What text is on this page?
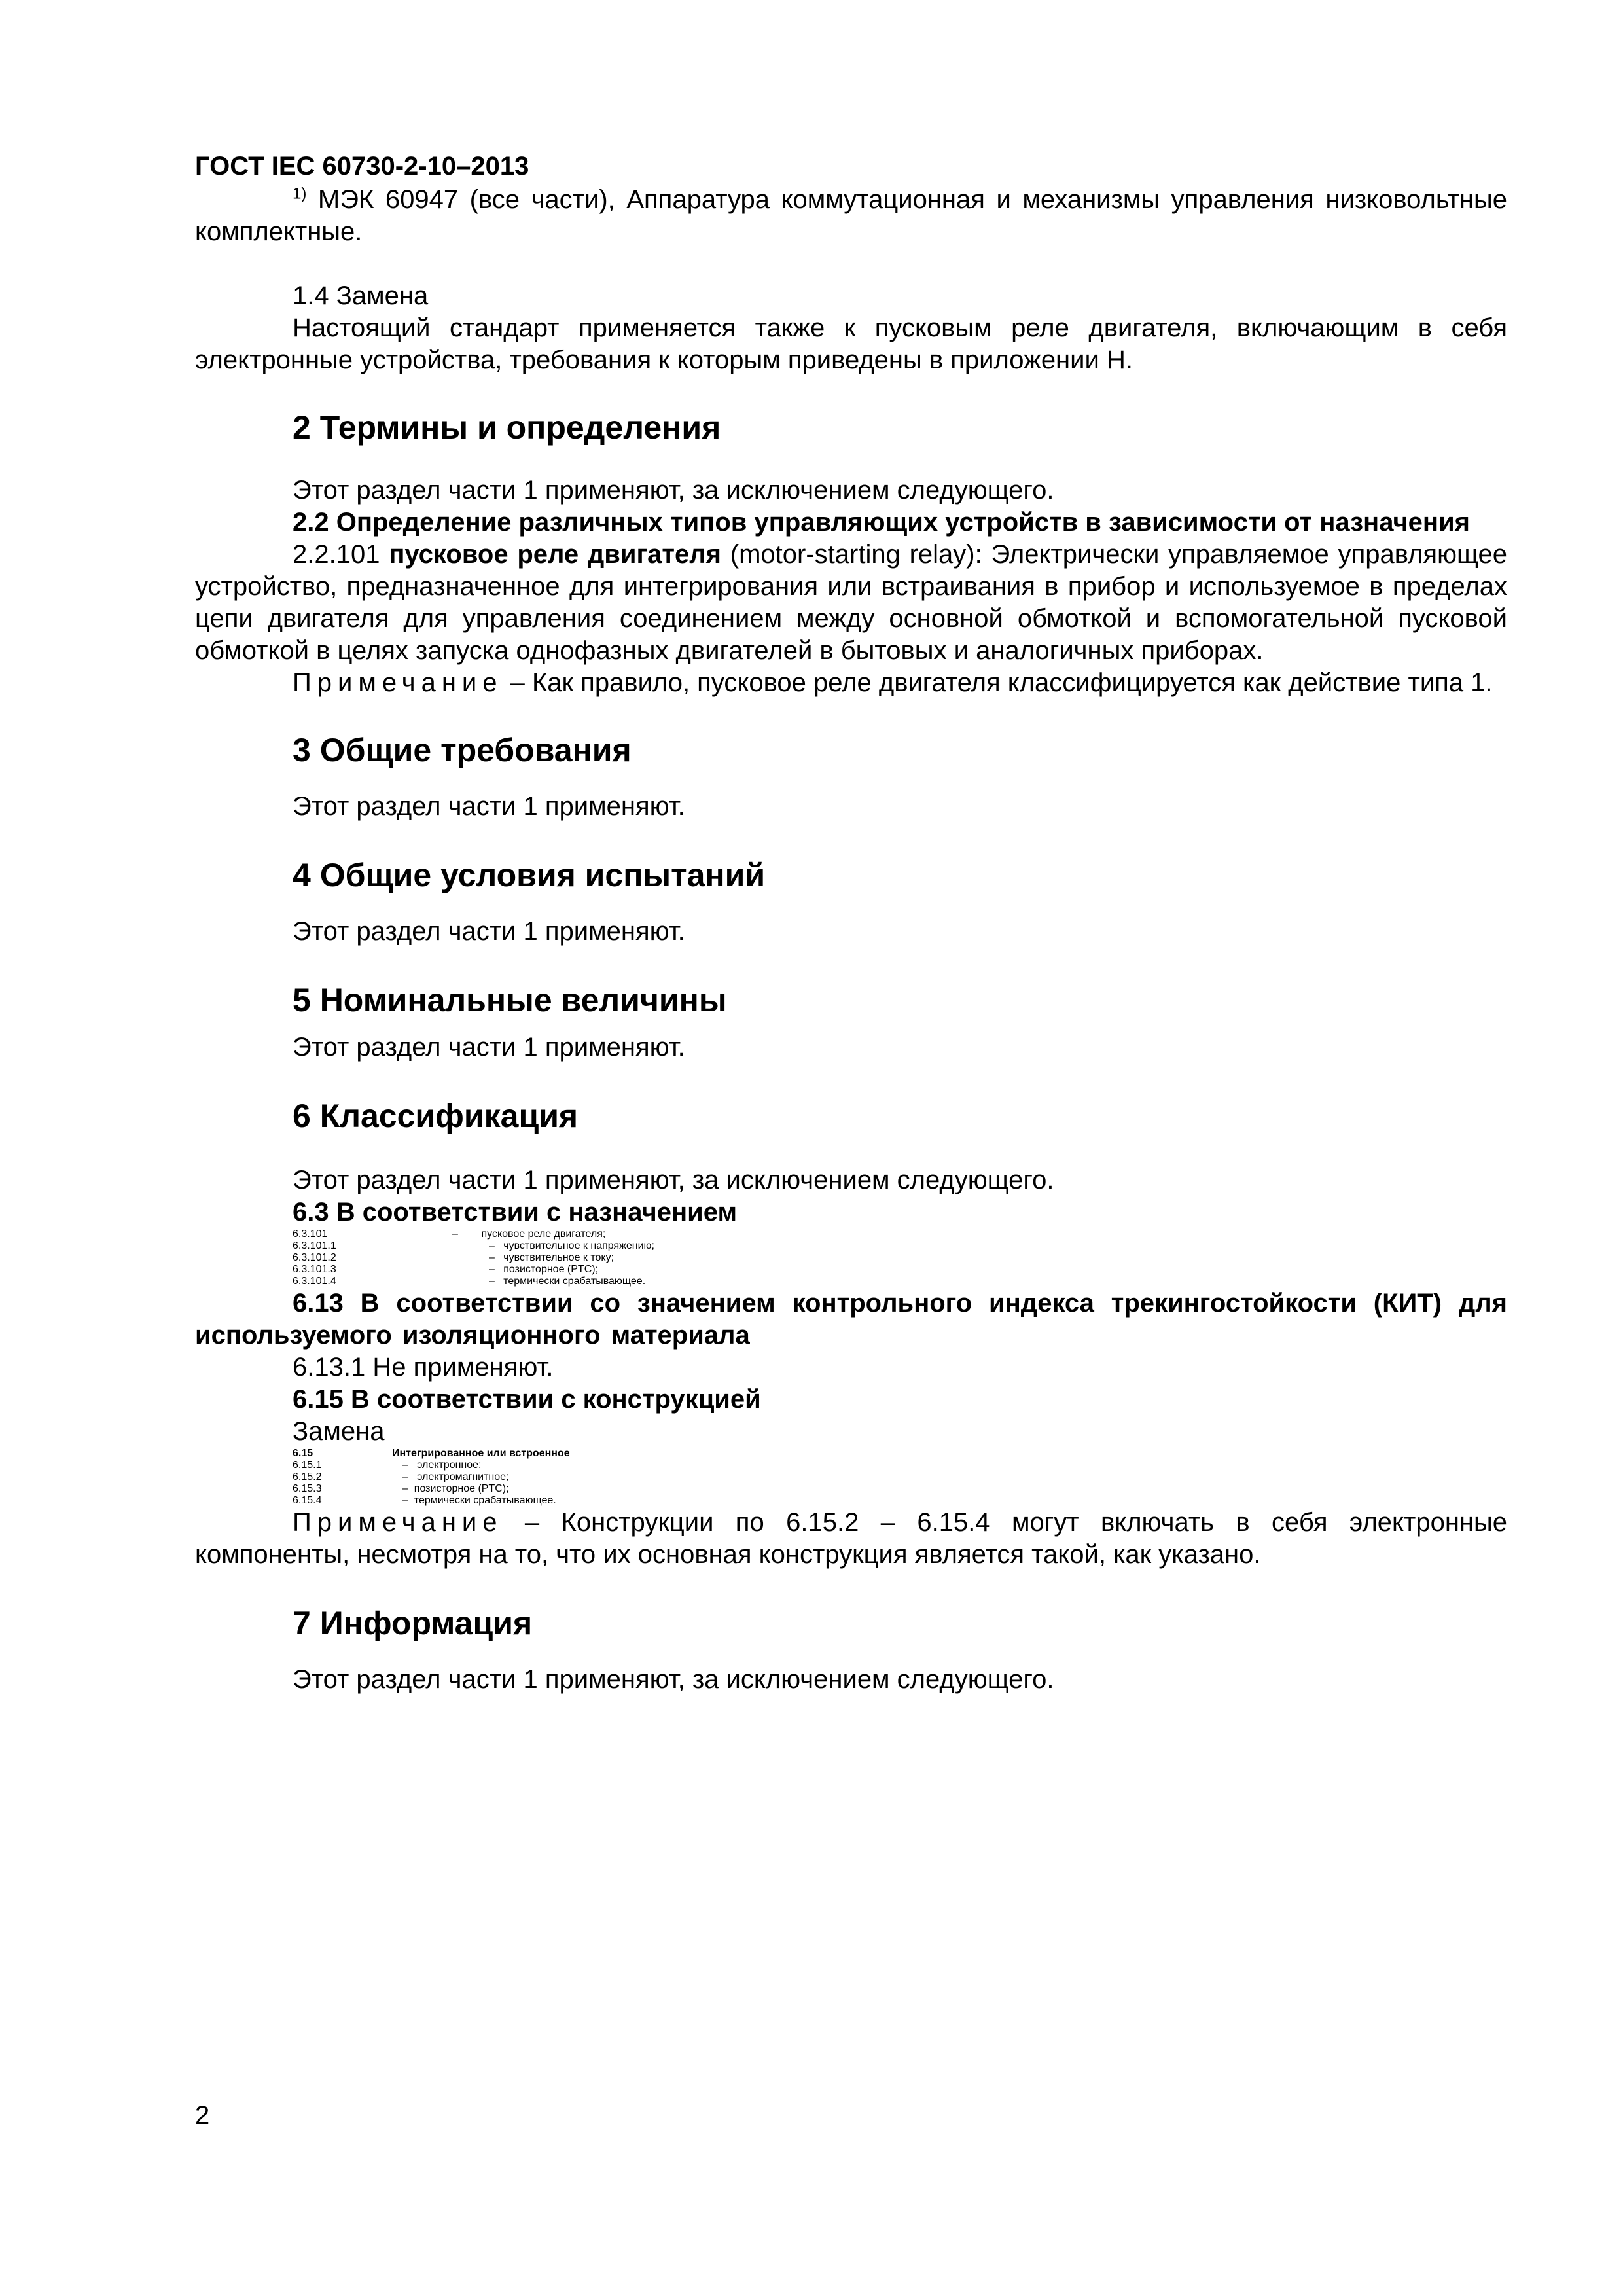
ГОСТ IEC 60730-2-10–2013

$^{1)}$ МЭК 60947 (все части), Аппаратура коммутационная и механизмы управления низковольтные комплектные.

1.4 Замена

Настоящий стандарт применяется также к пусковым реле двигателя, включающим в себя электронные устройства, требования к которым приведены в приложении Н.

2 Термины и определения

Этот раздел части 1 применяют, за исключением следующего.

2.2 Определение различных типов управляющих устройств в зависимости от назначения

2.2.101 пусковое реле двигателя (motor-starting relay): Электрически управляемое управляющее устройство, предназначенное для интегрирования или встраивания в прибор и используемое в пределах цепи двигателя для управления соединением между основной обмоткой и вспомогательной пусковой обмоткой в целях запуска однофазных двигателей в бытовых и аналогичных приборах.

Примечание – Как правило, пусковое реле двигателя классифицируется как действие типа 1.

3 Общие требования

Этот раздел части 1 применяют.

4 Общие условия испытаний

Этот раздел части 1 применяют.

5 Номинальные величины

Этот раздел части 1 применяют.

6 Классификация

Этот раздел части 1 применяют, за исключением следующего.

6.3 В соответствии с назначением

6.3.101	–        пусковое реле двигателя;
6.3.101.1	–   чувствительное к напряжению;
6.3.101.2	–   чувствительное к току;
6.3.101.3	–   позисторное (PTC);
6.3.101.4	–   термически срабатывающее.

6.13 В соответствии со значением контрольного индекса трекингостойкости (КИТ) для используемого изоляционного материала

6.13.1 Не применяют.

6.15 В соответствии с конструкцией

Замена

6.15	Интегрированное или встроенное
6.15.1	–   электронное;
6.15.2	–   электромагнитное;
6.15.3	–  позисторное (PTC);
6.15.4	–  термически срабатывающее.

Примечание – Конструкции по 6.15.2 – 6.15.4 могут включать в себя электронные компоненты, несмотря на то, что их основная конструкция является такой, как указано.

7 Информация

Этот раздел части 1 применяют, за исключением следующего.

2
